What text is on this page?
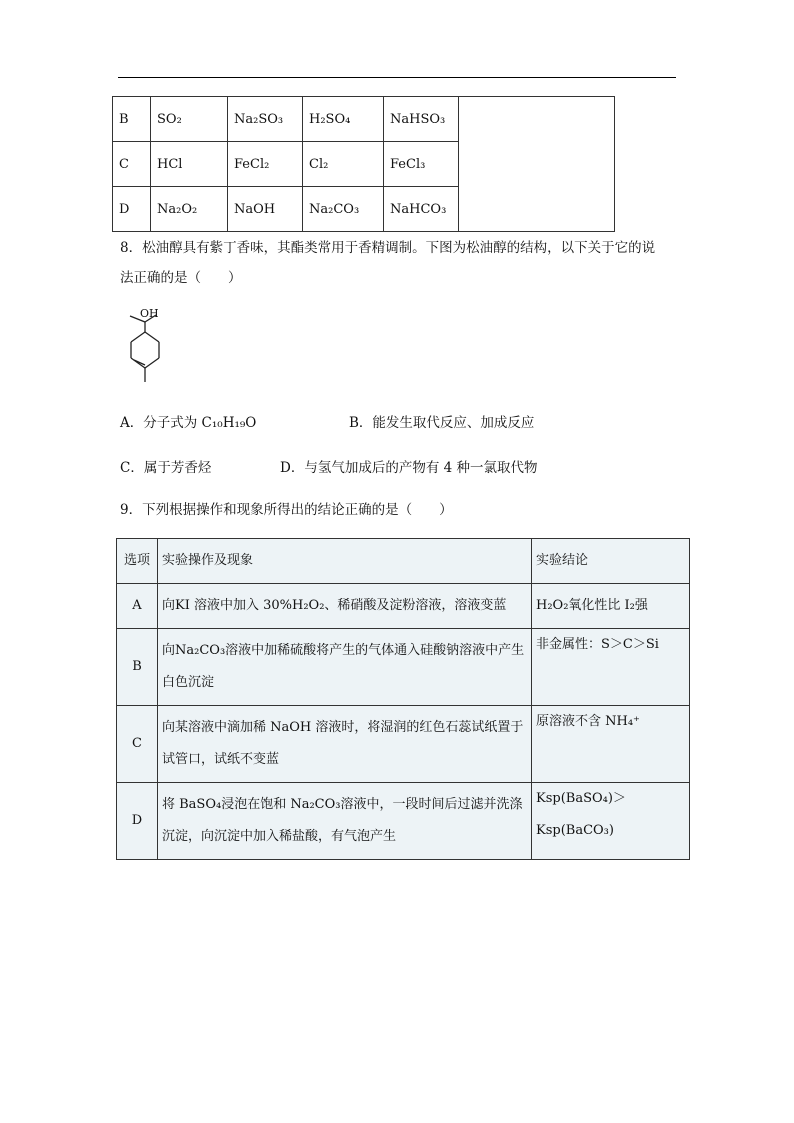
B	SO₂	Na₂SO₃	H₂SO₄	NaHSO₃	
C	HCl	FeCl₂	Cl₂	FeCl₃	
D	Na₂O₂	NaOH	Na₂CO₃	NaHCO₃	
8．松油醇具有紫丁香味，其酯类常用于香精调制。下图为松油醇的结构，以下关于它的说
法正确的是（　　）
OH
A．分子式为 C₁₀H₁₉O	B．能发生取代反应、加成反应
C．属于芳香烃	D．与氢气加成后的产物有 4 种一氯取代物
9．下列根据操作和现象所得出的结论正确的是（　　）
选项	实验操作及现象	实验结论
A	向KI 溶液中加入 30%H₂O₂、稀硝酸及淀粉溶液，溶液变蓝	H₂O₂氧化性比 I₂强
B	向Na₂CO₃溶液中加稀硫酸将产生的气体通入硅酸钠溶液中产生白色沉淀	非金属性：S＞C＞Si
C	向某溶液中滴加稀 NaOH 溶液时，将湿润的红色石蕊试纸置于试管口，试纸不变蓝	原溶液不含 NH₄⁺
D	将 BaSO₄浸泡在饱和 Na₂CO₃溶液中，一段时间后过滤并洗涤沉淀，向沉淀中加入稀盐酸，有气泡产生	Ksp(BaSO₄)＞Ksp(BaCO₃)
